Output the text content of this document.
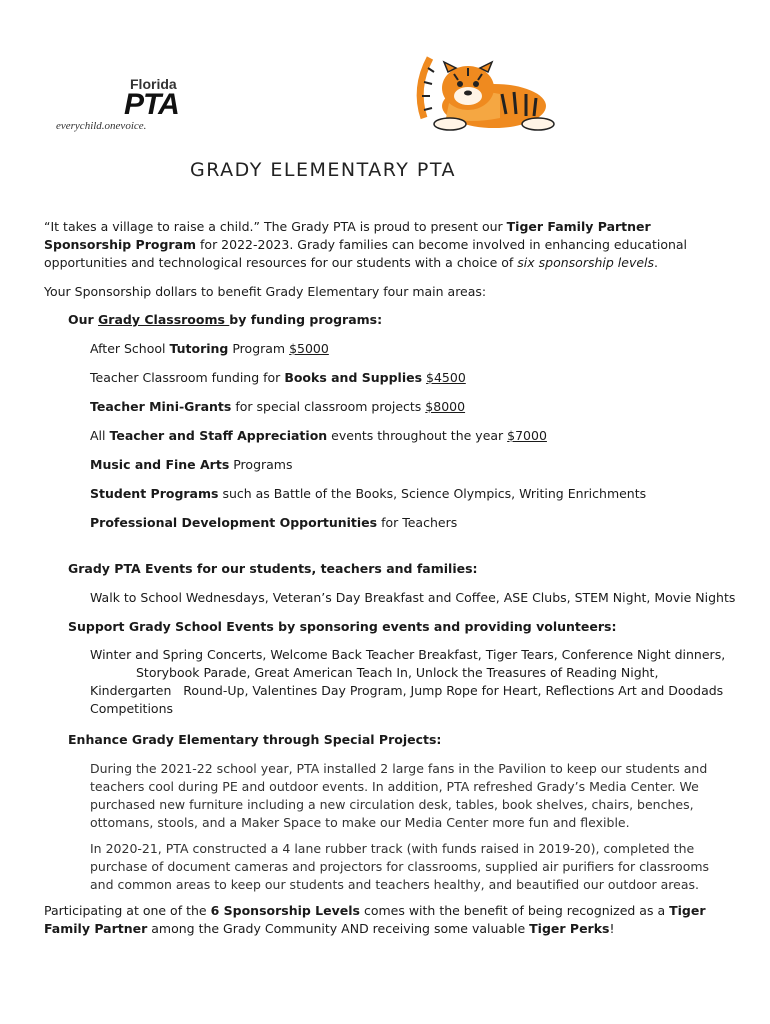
Florida
PTA
everychild.onevoice.
GRADY ELEMENTARY PTA
“It takes a village to raise a child.” The Grady PTA is proud to present our Tiger Family Partner Sponsorship Program for 2022-2023. Grady families can become involved in enhancing educational opportunities and technological resources for our students with a choice of six sponsorship levels.
Your Sponsorship dollars to benefit Grady Elementary four main areas:
Our Grady Classrooms by funding programs:
After School Tutoring Program $5000
Teacher Classroom funding for Books and Supplies $4500
Teacher Mini-Grants for special classroom projects $8000
All Teacher and Staff Appreciation events throughout the year $7000
Music and Fine Arts Programs
Student Programs such as Battle of the Books, Science Olympics, Writing Enrichments
Professional Development Opportunities for Teachers
Grady PTA Events for our students, teachers and families:
Walk to School Wednesdays, Veteran’s Day Breakfast and Coffee, ASE Clubs, STEM Night, Movie Nights
Support Grady School Events by sponsoring events and providing volunteers:
Winter and Spring Concerts, Welcome Back Teacher Breakfast, Tiger Tears, Conference Night dinners,
Storybook Parade, Great American Teach In, Unlock the Treasures of Reading Night,
Kindergarten   Round-Up, Valentines Day Program, Jump Rope for Heart, Reflections Art and Doodads
Competitions
Enhance Grady Elementary through Special Projects:
During the 2021-22 school year, PTA installed 2 large fans in the Pavilion to keep our students and teachers cool during PE and outdoor events. In addition, PTA refreshed Grady’s Media Center. We purchased new furniture including a new circulation desk, tables, book shelves, chairs, benches, ottomans, stools, and a Maker Space to make our Media Center more fun and flexible.
In 2020-21, PTA constructed a 4 lane rubber track (with funds raised in 2019-20), completed the purchase of document cameras and projectors for classrooms, supplied air purifiers for classrooms and common areas to keep our students and teachers healthy, and beautified our outdoor areas.
Participating at one of the 6 Sponsorship Levels comes with the benefit of being recognized as a Tiger Family Partner among the Grady Community AND receiving some valuable Tiger Perks!
